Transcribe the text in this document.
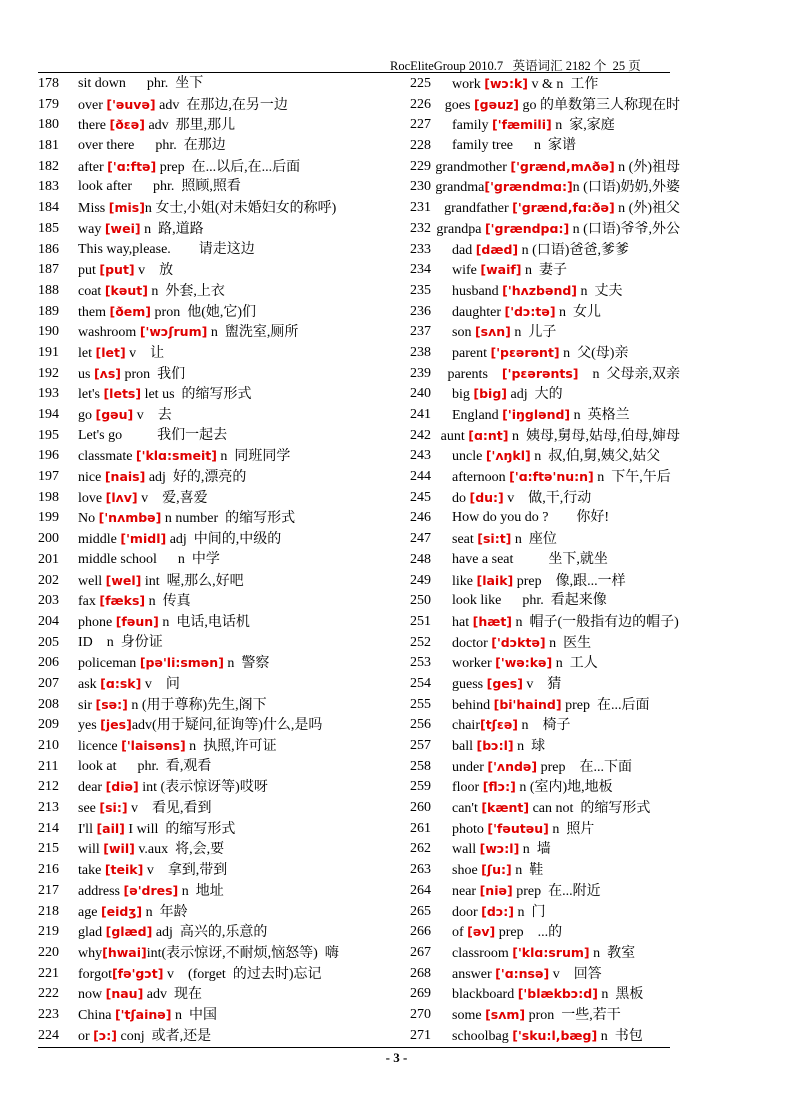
RocEliteGroup 2010.7 英语词汇 2182 个 25 页
178	sit down      phr.  坐下
179	over ['əuvə] adv  在那边,在另一边
180	there [ðεə] adv  那里,那儿
181	over there      phr.  在那边
182	after ['ɑ:ftə] prep  在...以后,在...后面
183	look after      phr.  照顾,照看
184	Miss [mis]n 女士,小姐(对未婚妇女的称呼)
185	way [wei] n  路,道路
186	This way,please.        请走这边
187	put [put] v    放
188	coat [kəut] n  外套,上衣
189	them [ðem] pron  他(她,它)们
190	washroom ['wɔʃrum] n  盥洗室,厕所
191	let [let] v    让
192	us [ʌs] pron  我们
193	let's [lets] let us  的缩写形式
194	go [gəu] v    去
195	Let's go          我们一起去
196	classmate ['klɑ:smeit] n  同班同学
197	nice [nais] adj  好的,漂亮的
198	love [lʌv] v    爱,喜爱
199	No ['nʌmbə] n number  的缩写形式
200	middle ['midl] adj  中间的,中级的
201	middle school      n  中学
202	well [wel] int  喔,那么,好吧
203	fax [fæks] n  传真
204	phone [fəun] n  电话,电话机
205	ID    n  身份证
206	policeman [pə'li:smən] n  警察
207	ask [ɑ:sk] v    问
208	sir [sə:] n (用于尊称)先生,阁下
209	yes [jes]adv(用于疑问,征询等)什么,是吗
210	licence ['laisəns] n  执照,许可证
211	look at      phr.  看,观看
212	dear [diə] int (表示惊讶等)哎呀
213	see [si:] v    看见,看到
214	I'll [ail] I will  的缩写形式
215	will [wil] v.aux  将,会,要
216	take [teik] v    拿到,带到
217	address [ə'dres] n  地址
218	age [eidʒ] n  年龄
219	glad [glæd] adj  高兴的,乐意的
220	why[hwai]int(表示惊讶,不耐烦,恼怒等)  嗨
221	forgot[fə'gɔt] v    (forget  的过去时)忘记
222	now [nau] adv  现在
223	China ['tʃainə] n  中国
224	or [ɔ:] conj  或者,还是
225	work [wɔ:k] v & n  工作
226 goes [gəuz] go 的单数第三人称现在时
227	family ['fæmili] n  家,家庭
228	family tree      n  家谱
229 grandmother ['grænd,mʌðə] n (外)祖母
230 grandma['grændmɑ:]n (口语)奶奶,外婆
231 grandfather ['grænd,fɑ:ðə] n (外)祖父
232 grandpa ['grændpɑ:] n (口语)爷爷,外公
233	dad [dæd] n (口语)爸爸,爹爹
234	wife [waif] n  妻子
235	husband ['hʌzbənd] n  丈夫
236	daughter ['dɔ:tə] n  女儿
237	son [sʌn] n  儿子
238	parent ['pεərənt] n  父(母)亲
239	parents    ['pεərənts]    n  父母亲,双亲
240	big [big] adj  大的
241	England ['iŋglənd] n  英格兰
242 aunt [ɑ:nt] n  姨母,舅母,姑母,伯母,婶母
243	uncle ['ʌŋkl] n  叔,伯,舅,姨父,姑父
244	afternoon ['ɑ:ftə'nu:n] n  下午,午后
245	do [du:] v    做,干,行动
246	How do you do ?        你好!
247	seat [si:t] n  座位
248	have a seat          坐下,就坐
249	like [laik] prep    像,跟...一样
250	look like      phr.  看起来像
251	hat [hæt] n  帽子(一般指有边的帽子)
252	doctor ['dɔktə] n  医生
253	worker ['wə:kə] n  工人
254	guess [ges] v    猜
255	behind [bi'haind] prep  在...后面
256	chair[tʃεə] n    椅子
257	ball [bɔ:l] n  球
258	under ['ʌndə] prep    在...下面
259	floor [flɔ:] n (室内)地,地板
260	can't [kænt] can not  的缩写形式
261	photo ['fəutəu] n  照片
262	wall [wɔ:l] n  墙
263	shoe [ʃu:] n  鞋
264	near [niə] prep  在...附近
265	door [dɔ:] n  门
266	of [əv] prep    ...的
267	classroom ['klɑ:srum] n  教室
268	answer ['ɑ:nsə] v    回答
269	blackboard ['blækbɔ:d] n  黑板
270	some [sʌm] pron  一些,若干
271	schoolbag ['sku:l,bæg] n  书包
- 3 -
